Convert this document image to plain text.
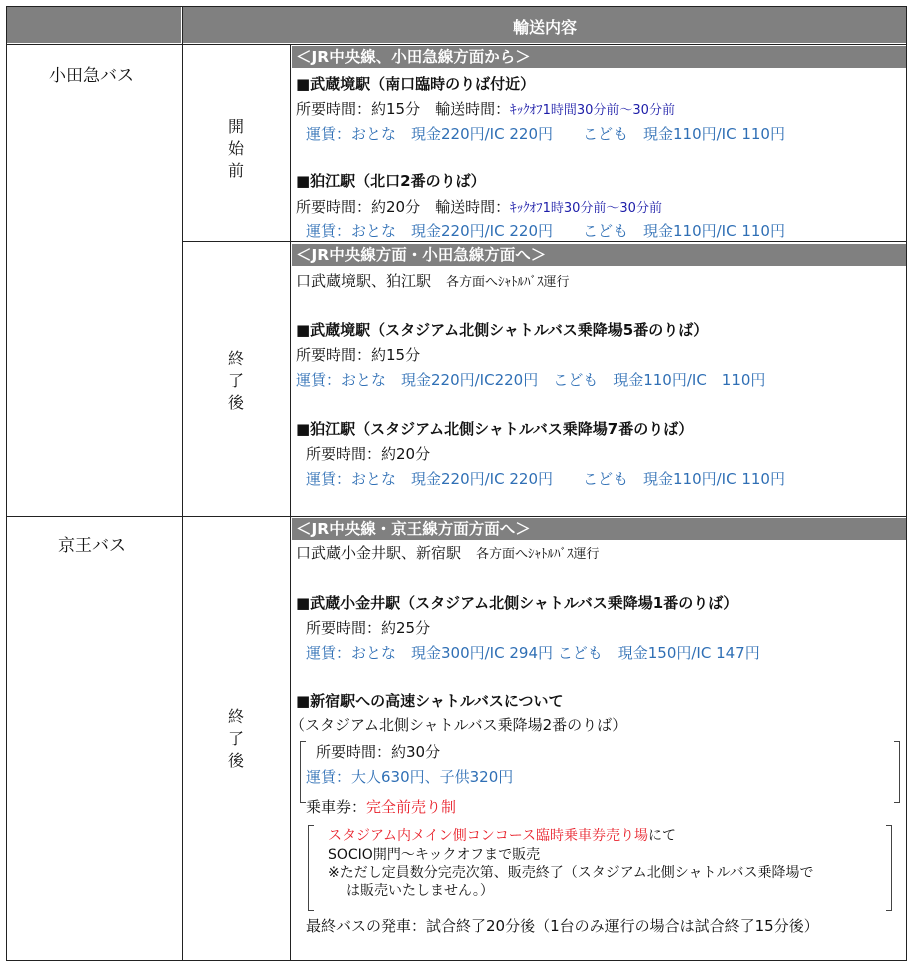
輸送内容
小田急バス
開
始
前
＜JR中央線、小田急線方面から＞
■武蔵境駅（南口臨時のりば付近）
所要時間：約15分　輸送時間：ｷｯｸｵﾌ1時間30分前～30分前
運賃：おとな　現金220円/IC 220円　　こども　現金110円/IC 110円
■狛江駅（北口2番のりば）
所要時間：約20分　輸送時間：ｷｯｸｵﾌ1時30分前～30分前
運賃：おとな　現金220円/IC 220円　　こども　現金110円/IC 110円
終
了
後
＜JR中央線方面・小田急線方面へ＞
口武蔵境駅、狛江駅　各方面へｼｬﾄﾙﾊﾞｽ運行
■武蔵境駅（スタジアム北側シャトルバス乗降場5番のりば）
所要時間：約15分
運賃：おとな　現金220円/IC220円　こども　現金110円/IC　110円
■狛江駅（スタジアム北側シャトルバス乗降場7番のりば）
所要時間：約20分
運賃：おとな　現金220円/IC 220円　　こども　現金110円/IC 110円
京王バス
終
了
後
＜JR中央線・京王線方面方面へ＞
口武蔵小金井駅、新宿駅　各方面へｼｬﾄﾙﾊﾞｽ運行
■武蔵小金井駅（スタジアム北側シャトルバス乗降場1番のりば）
所要時間：約25分
運賃：おとな　現金300円/IC 294円 こども　現金150円/IC 147円
■新宿駅への高速シャトルバスについて
（スタジアム北側シャトルバス乗降場2番のりば）
所要時間：約30分
運賃：大人630円、子供320円
乗車券：完全前売り制
スタジアム内メイン側コンコース臨時乗車券売り場にて
SOCIO開門～キックオフまで販売
※ただし定員数分完売次第、販売終了（スタジアム北側シャトルバス乗降場で
は販売いたしません。）
最終バスの発車：試合終了20分後（1台のみ運行の場合は試合終了15分後）
